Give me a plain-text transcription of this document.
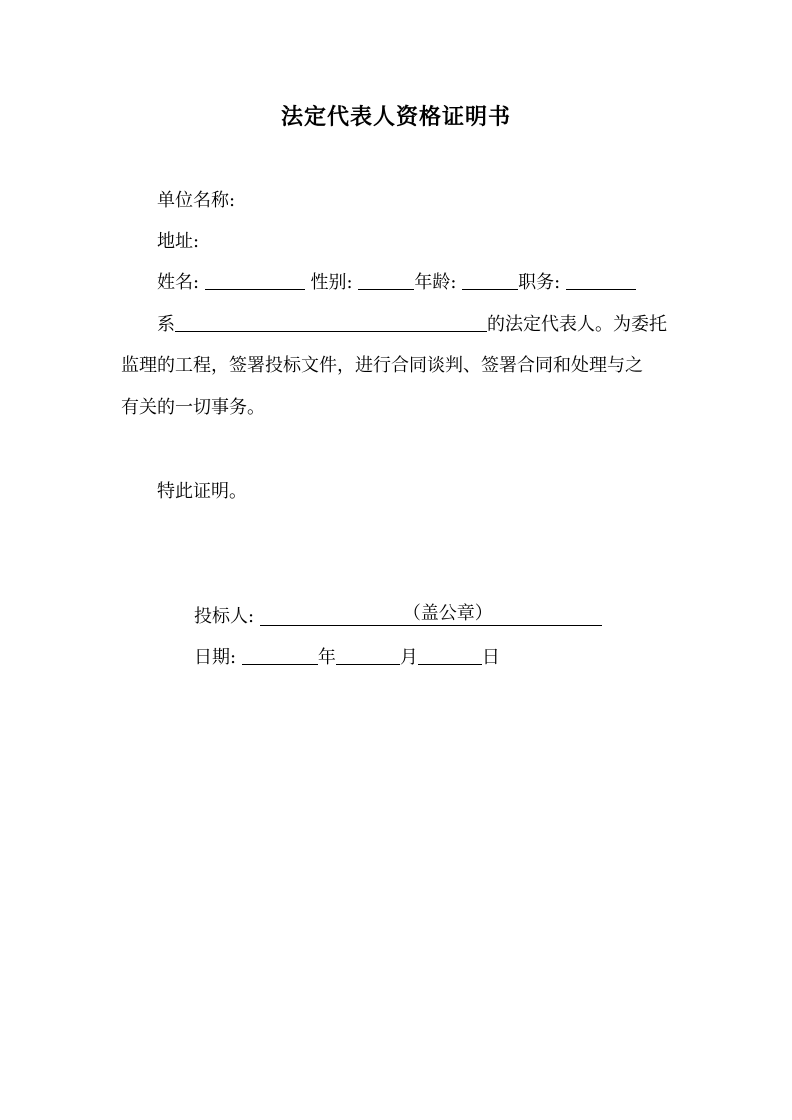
法定代表人资格证明书
单位名称:
地址:
姓名:	性别:	年龄:	职务:
系	的法定代表人。为委托
监理的工程，签署投标文件，进行合同谈判、签署合同和处理与之
有关的一切事务。
特此证明。
投标人:	（盖公章）
日期:	年	月	日
